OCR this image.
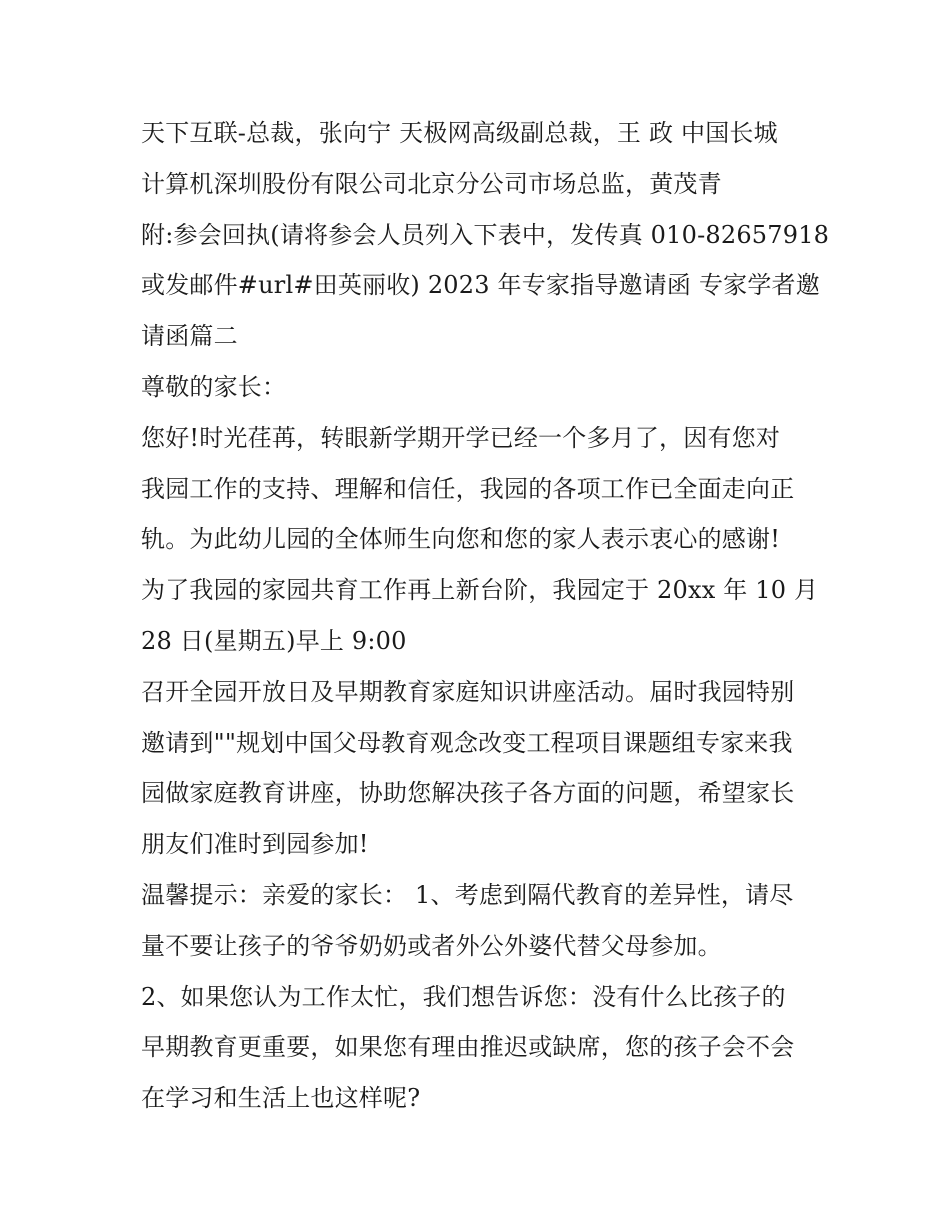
天下互联-总裁，张向宁 天极网高级副总裁，王 政 中国长城
计算机深圳股份有限公司北京分公司市场总监，黄茂青
附:参会回执(请将参会人员列入下表中，发传真 010-82657918
或发邮件#url#田英丽收) 2023 年专家指导邀请函 专家学者邀
请函篇二
尊敬的家长：
您好!时光荏苒，转眼新学期开学已经一个多月了，因有您对
我园工作的支持、理解和信任，我园的各项工作已全面走向正
轨。为此幼儿园的全体师生向您和您的家人表示衷心的感谢!
为了我园的家园共育工作再上新台阶，我园定于 20xx 年 10 月
28 日(星期五)早上 9:00
召开全园开放日及早期教育家庭知识讲座活动。届时我园特别
邀请到""规划中国父母教育观念改变工程项目课题组专家来我
园做家庭教育讲座，协助您解决孩子各方面的问题，希望家长
朋友们准时到园参加!
温馨提示：亲爱的家长： 1、考虑到隔代教育的差异性，请尽
量不要让孩子的爷爷奶奶或者外公外婆代替父母参加。
2、如果您认为工作太忙，我们想告诉您：没有什么比孩子的
早期教育更重要，如果您有理由推迟或缺席，您的孩子会不会
在学习和生活上也这样呢?
